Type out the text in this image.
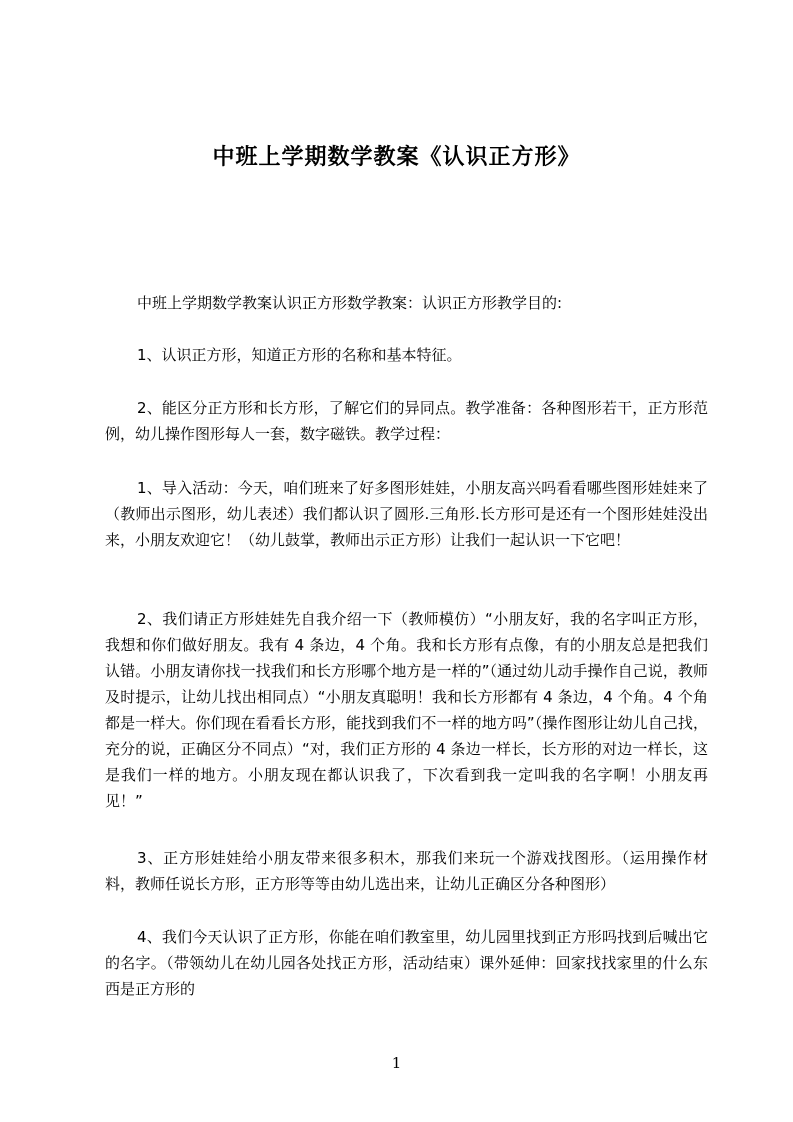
中班上学期数学教案《认识正方形》

中班上学期数学教案认识正方形数学教案：认识正方形教学目的:

1、认识正方形，知道正方形的名称和基本特征。

2、能区分正方形和长方形，了解它们的异同点。教学准备：各种图形若干，正方形范例，幼儿操作图形每人一套，数字磁铁。教学过程：

1、导入活动：今天，咱们班来了好多图形娃娃，小朋友高兴吗看看哪些图形娃娃来了（教师出示图形，幼儿表述）我们都认识了圆形.三角形.长方形可是还有一个图形娃娃没出来，小朋友欢迎它！（幼儿鼓掌，教师出示正方形）让我们一起认识一下它吧！

2、我们请正方形娃娃先自我介绍一下（教师模仿）“小朋友好，我的名字叫正方形，我想和你们做好朋友。我有 4 条边，4 个角。我和长方形有点像，有的小朋友总是把我们认错。小朋友请你找一找我们和长方形哪个地方是一样的”（通过幼儿动手操作自己说，教师及时提示，让幼儿找出相同点）“小朋友真聪明！我和长方形都有 4 条边，4 个角。4 个角都是一样大。你们现在看看长方形，能找到我们不一样的地方吗”（操作图形让幼儿自己找，充分的说，正确区分不同点）“对，我们正方形的 4 条边一样长，长方形的对边一样长，这是我们一样的地方。小朋友现在都认识我了，下次看到我一定叫我的名字啊！小朋友再见！”

3、正方形娃娃给小朋友带来很多积木，那我们来玩一个游戏找图形。（运用操作材料，教师任说长方形，正方形等等由幼儿选出来，让幼儿正确区分各种图形）

4、我们今天认识了正方形，你能在咱们教室里，幼儿园里找到正方形吗找到后喊出它的名字。（带领幼儿在幼儿园各处找正方形，活动结束）课外延伸：回家找找家里的什么东西是正方形的

1
